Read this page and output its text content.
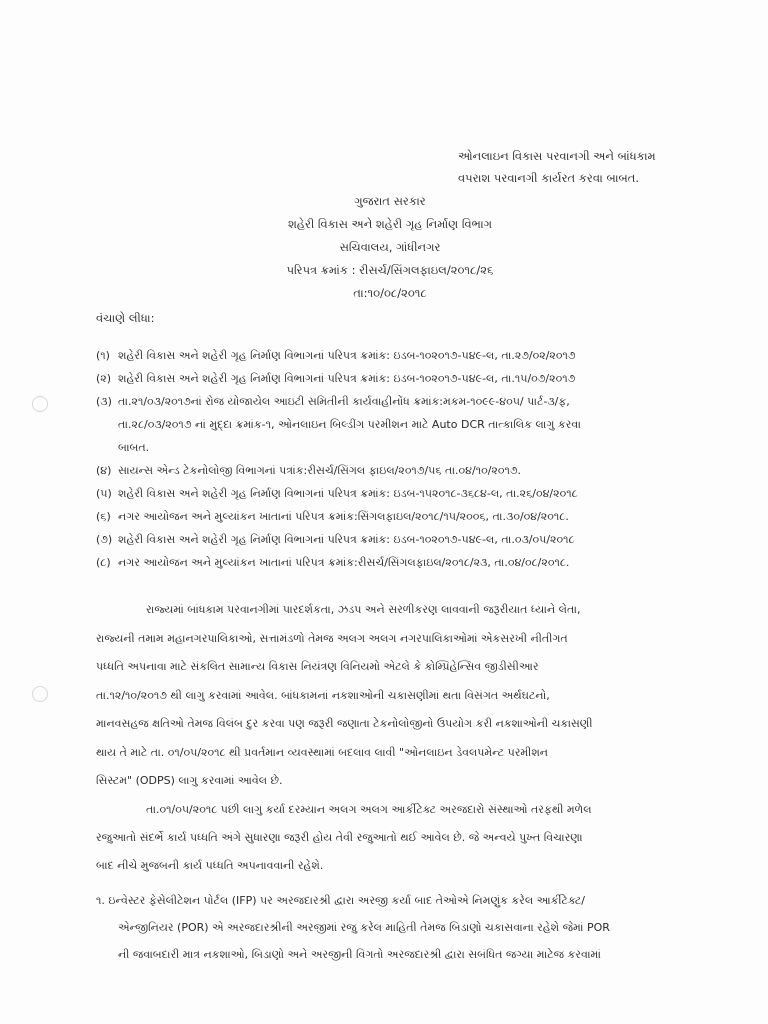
ઓનલાઇન વિકાસ પરવાનગી અને બાંધકામ
વપરાશ પરવાનગી કાર્યરત કરવા બાબત.
ગુજરાત સરકાર
શહેરી વિકાસ અને શહેરી ગૃહ નિર્માણ વિભાગ
સચિવાલય, ગાંધીનગર
પરિપત્ર ક્રમાંક : રીસર્ચ/સિંગલફાઇલ/૨૦૧૮/૨૬
તા:૧૦/૦૮/૨૦૧૮
વંચાણે લીધા:

(૧) શહેરી વિકાસ અને શહેરી ગૃહ નિર્માણ વિભાગનાં પરિપત્ર ક્રમાંક: ઇડબ-૧૦૨૦૧૭-૫૪૯-લ, તા.૨૭/૦૨/૨૦૧૭

(૨) શહેરી વિકાસ અને શહેરી ગૃહ નિર્માણ વિભાગનાં પરિપત્ર ક્રમાંક: ઇડબ-૧૦૨૦૧૭-૫૪૯-લ, તા.૧૫/૦૭/૨૦૧૭

(૩) તા.૨૧/૦૩/૨૦૧૭નાં રોજ યોજાયેલ આઇટી સમિતીની કાર્યવાહીનોંધ ક્રમાંક:મકમ-૧૦૯૯-૪૦૫/ પાર્ટ-૩/ફ,

તા.૨૮/૦૩/૨૦૧૭ નાં મુદ્દા ક્રમાંક-૧, ઓનલાઇન બિલ્ડીંગ પરમીશન માટે Auto DCR તાત્કાલિક લાગુ કરવા

બાબત.

(૪) સાયન્સ એન્ડ ટેકનોલોજી વિભાગનાં પત્રાંક:રીસર્ચ/સિંગલ ફાઇલ/૨૦૧૭/૫૬ તા.૦૪/૧૦/૨૦૧૭.

(૫) શહેરી વિકાસ અને શહેરી ગૃહ નિર્માણ વિભાગનાં પરિપત્ર ક્રમાંક: ઇડબ-૧૫૨૦૧૮-૩૬૮૪-લ, તા.૨૬/૦૪/૨૦૧૮

(૬) નગર આયોજન અને મુલ્યાંકન ખાતાનાં પરિપત્ર ક્રમાંક:સિંગલફાઇલ/૨૦૧૮/૧૫/૨૦૦૬, તા.૩૦/૦૪/૨૦૧૮.

(૭) શહેરી વિકાસ અને શહેરી ગૃહ નિર્માણ વિભાગનાં પરિપત્ર ક્રમાંક: ઇડબ-૧૦૨૦૧૭-૫૪૯-લ, તા.૦૩/૦૫/૨૦૧૮

(૮) નગર આયોજન અને મુલ્યાંકન ખાતાનાં પરિપત્ર ક્રમાંક:રીસર્ચ/સિંગલફાઇલ/૨૦૧૮/૨૩, તા.૦૪/૦૮/૨૦૧૮.

રાજ્યમાં બાંધકામ પરવાનગીમાં પારદર્શકતા, ઝડપ અને સરળીકરણ લાવવાની જરૂરીયાત ધ્યાને લેતા,
રાજ્યની તમામ મહાનગરપાલિકાઓ, સત્તામંડળો તેમજ અલગ અલગ નગરપાલિકાઓમાં એકસરખી નીતીગત
પધ્ધતિ અપનાવા માટે સંકલિત સામાન્ય વિકાસ નિયંત્રણ વિનિયમો એટલે કે કોમ્પ્રિહેન્સિવ જીડીસીઆર
તા.૧૨/૧૦/૨૦૧૭ થી લાગુ કરવામાં આવેલ. બાંધકામનાં નકશાઓની ચકાસણીમાં થતા વિસંગત અર્થઘટનો,
માનવસહજ ક્ષતિઓ તેમજ વિલંબ દુર કરવા પણ જરૂરી જણાતા ટેકનોલોજીનો ઉપયોગ કરી નકશાઓની ચકાસણી
થાય તે માટે તા. ૦૧/૦૫/૨૦૧૮ થી પ્રવર્તમાન વ્યવસ્થામાં બદલાવ લાવી "ઓનલાઇન ડેવલપમેન્ટ પરમીશન
સિસ્ટમ" (ODPS) લાગુ કરવામાં આવેલ છે.
તા.૦૧/૦૫/૨૦૧૮ પછી લાગુ કર્યા દરમ્યાન અલગ અલગ આર્કીટેક્ટ અરજદારો સંસ્થાઓ તરફથી મળેલ
રજુઆતો સંદર્ભે કાર્ય પધ્ધતિ અંગે સુધારણા જરૂરી હોય તેવી રજુઆતો થઈ આવેલ છે. જે અન્વયે પુખ્ત વિચારણા
બાદ નીચે મુજબની કાર્ય પધ્ધતિ અપનાવવાની રહેશે.
૧. ઇન્વેસ્ટર ફેસેલીટેશન પોર્ટલ (IFP) પર અરજદારશ્રી દ્વારા અરજી કર્યા બાદ તેઓએ નિમણુંક કરેલ આર્કીટેક્ટ/
એન્જીનિયર (POR) એ અરજદારશ્રીની અરજીમાં રજુ કરેલ માહિતી તેમજ બિડાણો ચકાસવાના રહેશે જેમાં POR
ની જવાબદારી માત્ર નકશાઓ, બિડાણો અને અરજીની વિગતો અરજદારશ્રી દ્વારા સબંધિત જગ્યા માટેજ કરવામાં
